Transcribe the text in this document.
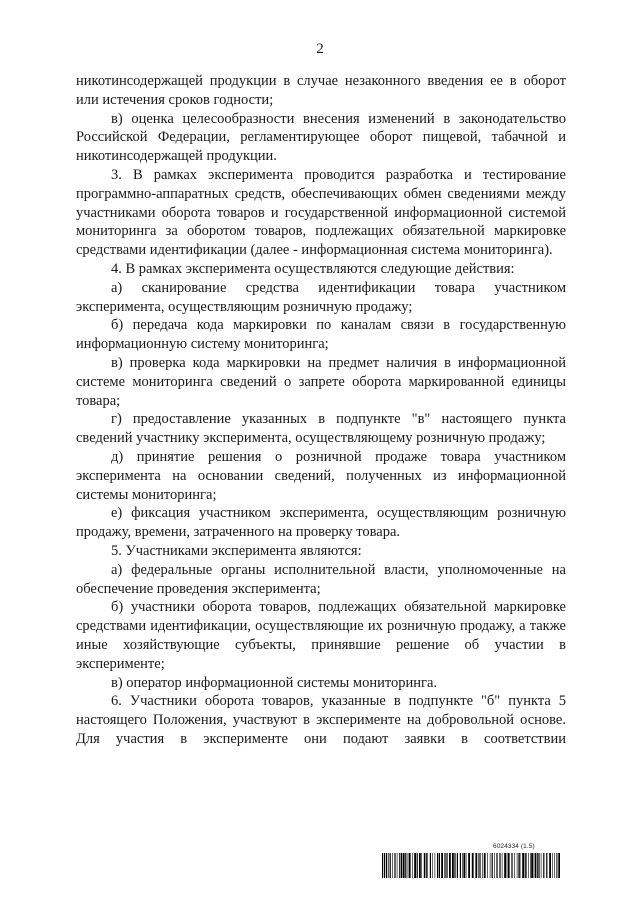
2

никотинсодержащей продукции в случае незаконного введения ее в оборот или истечения сроков годности;

в) оценка целесообразности внесения изменений в законодательство Российской Федерации, регламентирующее оборот пищевой, табачной и никотинсодержащей продукции.

3. В рамках эксперимента проводится разработка и тестирование программно-аппаратных средств, обеспечивающих обмен сведениями между участниками оборота товаров и государственной информационной системой мониторинга за оборотом товаров, подлежащих обязательной маркировке средствами идентификации (далее - информационная система мониторинга).

4. В рамках эксперимента осуществляются следующие действия:

а) сканирование средства идентификации товара участником эксперимента, осуществляющим розничную продажу;

б) передача кода маркировки по каналам связи в государственную информационную систему мониторинга;

в) проверка кода маркировки на предмет наличия в информационной системе мониторинга сведений о запрете оборота маркированной единицы товара;

г) предоставление указанных в подпункте "в" настоящего пункта сведений участнику эксперимента, осуществляющему розничную продажу;

д) принятие решения о розничной продаже товара участником эксперимента на основании сведений, полученных из информационной системы мониторинга;

е) фиксация участником эксперимента, осуществляющим розничную продажу, времени, затраченного на проверку товара.

5. Участниками эксперимента являются:

а) федеральные органы исполнительной власти, уполномоченные на обеспечение проведения эксперимента;

б) участники оборота товаров, подлежащих обязательной маркировке средствами идентификации, осуществляющие их розничную продажу, а также иные хозяйствующие субъекты, принявшие решение об участии в эксперименте;

в) оператор информационной системы мониторинга.

6. Участники оборота товаров, указанные в подпункте "б" пункта 5 настоящего Положения, участвуют в эксперименте на добровольной основе. Для участия в эксперименте они подают заявки в соответствии

6024334 (1.5)
